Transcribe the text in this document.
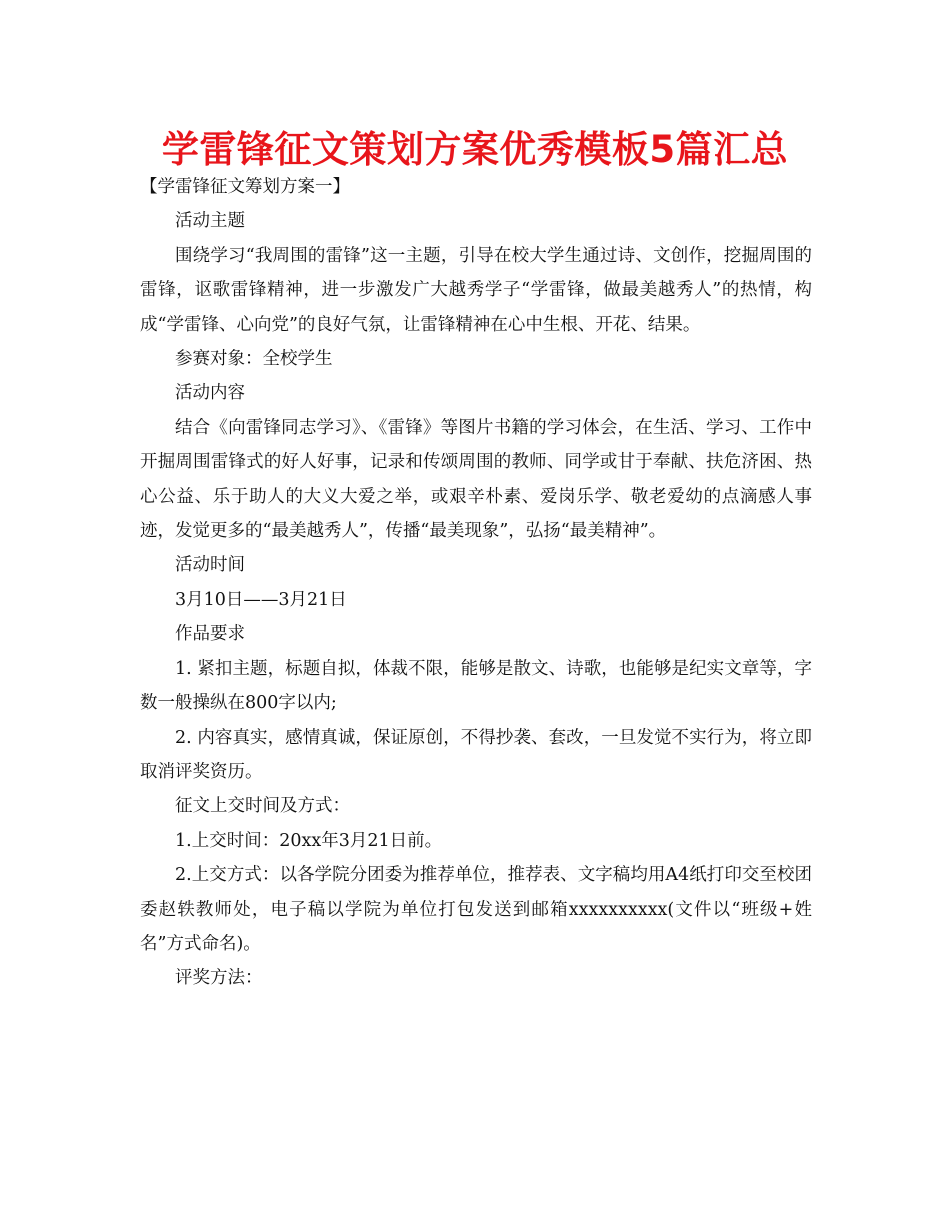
学雷锋征文策划方案优秀模板5篇汇总

【学雷锋征文筹划方案一】

活动主题

围绕学习“我周围的雷锋”这一主题，引导在校大学生通过诗、文创作，挖掘周围的雷锋，讴歌雷锋精神，进一步激发广大越秀学子“学雷锋，做最美越秀人”的热情，构成“学雷锋、心向党”的良好气氛，让雷锋精神在心中生根、开花、结果。

参赛对象：全校学生

活动内容

结合《向雷锋同志学习》、《雷锋》等图片书籍的学习体会，在生活、学习、工作中开掘周围雷锋式的好人好事，记录和传颂周围的教师、同学或甘于奉献、扶危济困、热心公益、乐于助人的大义大爱之举，或艰辛朴素、爱岗乐学、敬老爱幼的点滴感人事迹，发觉更多的“最美越秀人”，传播“最美现象”，弘扬“最美精神”。

活动时间

3月10日——3月21日

作品要求

1. 紧扣主题，标题自拟，体裁不限，能够是散文、诗歌，也能够是纪实文章等，字数一般操纵在800字以内;

2. 内容真实，感情真诚，保证原创，不得抄袭、套改，一旦发觉不实行为，将立即取消评奖资历。

征文上交时间及方式：

1.上交时间：20xx年3月21日前。

2.上交方式：以各学院分团委为推荐单位，推荐表、文字稿均用A4纸打印交至校团委赵轶教师处，电子稿以学院为单位打包发送到邮箱xxxxxxxxxx(文件以“班级+姓名”方式命名)。

评奖方法：
